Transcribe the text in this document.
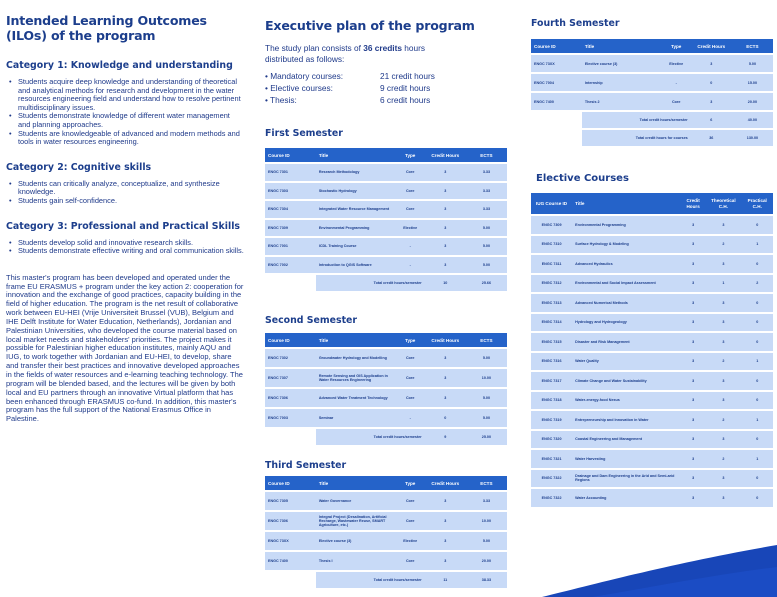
Intended Learning Outcomes
(ILOs) of the program
Category 1: Knowledge and understanding
• Students acquire deep knowledge and understanding of theoretical and analytical methods for research and development in the water resources engineering field and understand how to resolve pertinent multidisciplinary issues.
• Students demonstrate knowledge of different water management and planning approaches.
• Students are knowledgeable of advanced and modern methods and tools in water resources engineering.
Category 2: Cognitive skills
• Students can critically analyze, conceptualize, and synthesize knowledge.
• Students gain self-confidence.
Category 3: Professional and Practical Skills
• Students develop solid and innovative research skills.
• Students demonstrate effective writing and oral communication skills.

This master's program has been developed and operated under the frame EU ERASMUS + program under the key action 2: cooperation for innovation and the exchange of good practices, capacity building in the field of higher education. The program is the net result of collaborative work between EU-HEI (Vrije Universiteit Brussel (VUB), Belgium and IHE Delft Institute for Water Education, Netherlands), Jordanian and Palestinian Universities, who developed the course material based on local market needs and stakeholders' priorities. The project makes it possible for Palestinian higher education institutes, mainly AQU and IUG, to work together with Jordanian and EU-HEI, to develop, share and transfer their best practices and innovative developed approaches in the fields of water resources and e-learning teaching technology. The program will be blended based, and the lectures will be given by both local and EU partners through an innovative Virtual platform that has been enhanced through ERASMUS co-fund. In addition, this master's program has the full support of the National Erasmus Office in Palestine.

Executive plan of the program

The study plan consists of 36 credits hours distributed as follows:

• Mandatory courses:	21 credit hours
• Elective courses:	9 credit hours
• Thesis:	6 credit hours
First Semester
Course ID	Title	Type	Credit Hours	ECTS
ENGC 7301	Research Methodology	Core	3	3.33
ENGC 7303	Stochastic Hydrology	Core	3	3.33
ENGC 7304	Integrated Water Resource Management	Core	3	3.33
ENGC 7309	Environmental Programming	Elective	3	5.00
ENGC 7001	ICDL Training Course	-	3	5.00
ENGC 7002	Introduction to QGIS Software	-	3	5.00
	Total credit hours/semester		10	25.66
Second Semester
Course ID	Title	Type	Credit Hours	ECTS
ENGC 7302	Groundwater Hydrology and Modelling	Core	3	5.00
ENGC 7307	Remote Sensing and GIS Application in Water Resources Engineering	Core	3	10.00
ENGC 7306	Advanced Water Treatment Technology	Core	3	5.00
ENGC 7003	Seminar	-	0	5.00
	Total credit hours/semester		9	25.00
Third Semester
Course ID	Title	Type	Credit Hours	ECTS
ENGC 7305	Water Governance	Core	3	3.33
ENGC 7306	Integral Project (Desalination, Artificial Recharge, Wastewater Reuse, SMART Agriculture, etc.)	Core	3	10.00
ENGC 73XX	Elective course (3)	Elective	3	5.00
ENGC 7400	Thesis I	Core	3	20.00
	Total credit hours/semester		11	38.33
Fourth Semester
Course ID	Title	Type	Credit Hours	ECTS
ENGC 73XX	Elective course (3)	Elective	3	5.00
ENGC 7004	Internship	-	0	15.00
ENGC 7400	Thesis 2	Core	3	20.00
	Total credit hours/semester		6	40.00
	Total credit hours for courses		36	130.00
Elective Courses
IUG Course ID	Title	Credit Hours	Theoretical C.H.	Practical C.H.
ENGC 7309	Environmental Programming	3	3	0
ENGC 7310	Surface Hydrology & Modeling	3	2	1
ENGC 7311	Advanced Hydraulics	3	3	0
ENGC 7312	Environmental and Social Impact Assessment	3	1	2
ENGC 7313	Advanced Numerical Methods	3	3	0
ENGC 7314	Hydrology and Hydrogeology	3	3	0
ENGC 7315	Disaster and Risk Management	3	3	0
ENGC 7316	Water Quality	3	2	1
ENGC 7317	Climate Change and Water Sustainability	3	3	0
ENGC 7318	Water-energy-food Nexus	3	3	0
ENGC 7319	Entrepreneurship and Innovation in Water	3	2	1
ENGC 7320	Coastal Engineering and Management	3	3	0
ENGC 7321	Water Harvesting	3	2	1
ENGC 7322	Drainage and Dam Engineering in the Arid and Semi-arid Regions	3	3	0
ENGC 7322	Water Accounting	3	3	0
